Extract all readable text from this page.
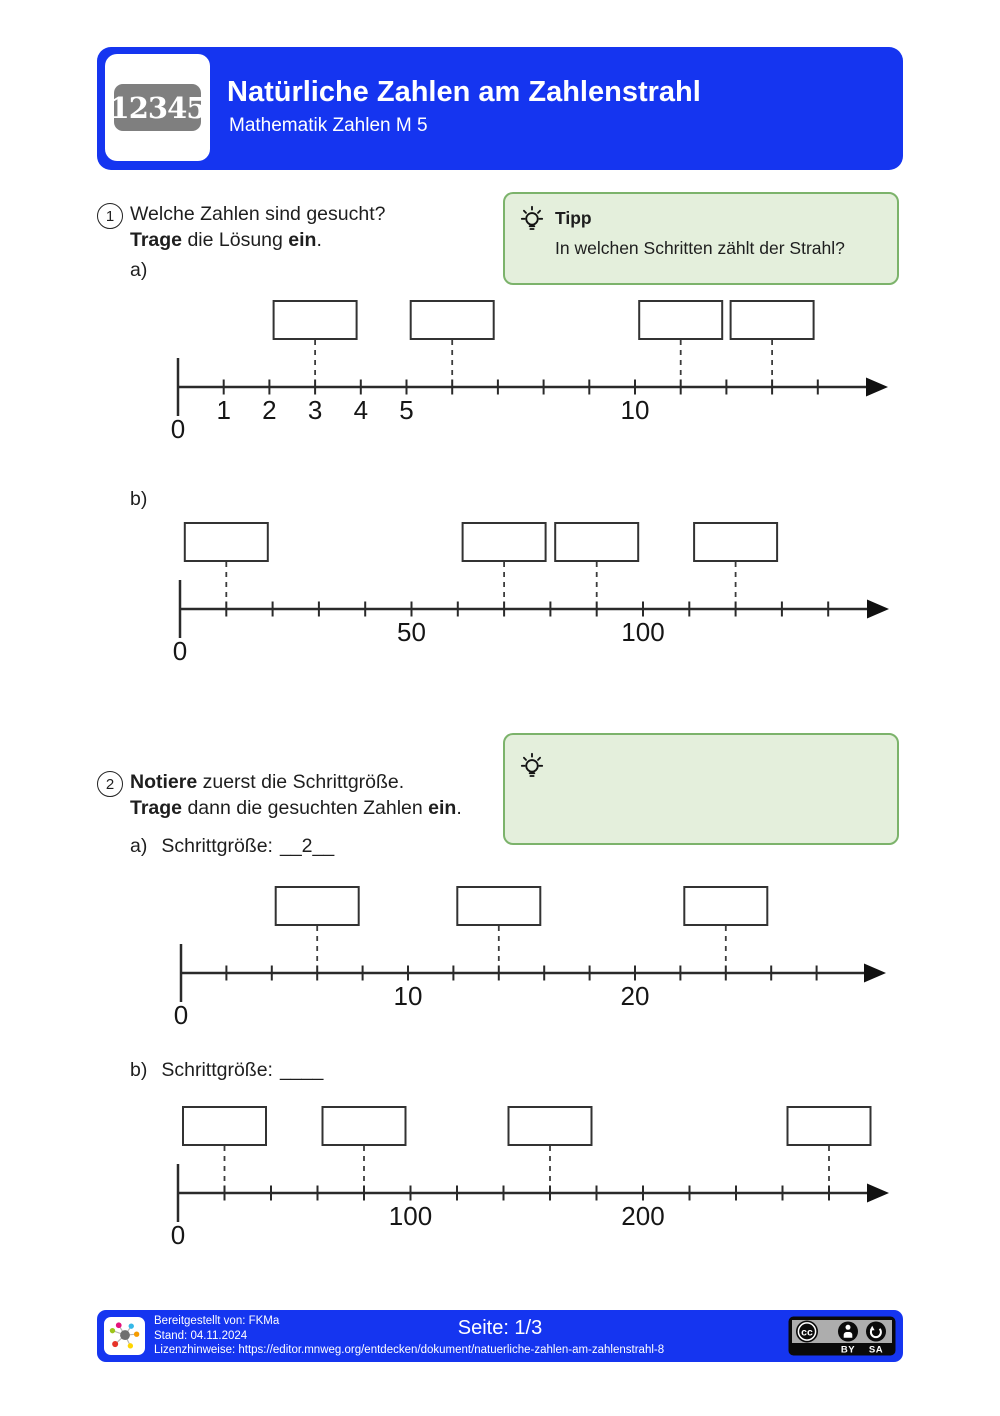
12345 Natürliche Zahlen am Zahlenstrahl
Mathematik Zahlen M 5
1 Welche Zahlen sind gesucht?
Trage die Lösung ein.
a)
Tipp
In welchen Schritten zählt der Strahl?
b)
2 Notiere zuerst die Schrittgröße.
Trage dann die gesuchten Zahlen ein.
a) Schrittgröße: __2__
b) Schrittgröße: ____
0
1 2 3 4 5	10
0
50	100
0
10	20
0
100	200
Bereitgestellt von: FKMa
Stand: 04.11.2024
Lizenzhinweise: https://editor.mnweg.org/entdecken/dokument/natuerliche-zahlen-am-zahlenstrahl-8
Seite: 1/3	cc
BY SA
